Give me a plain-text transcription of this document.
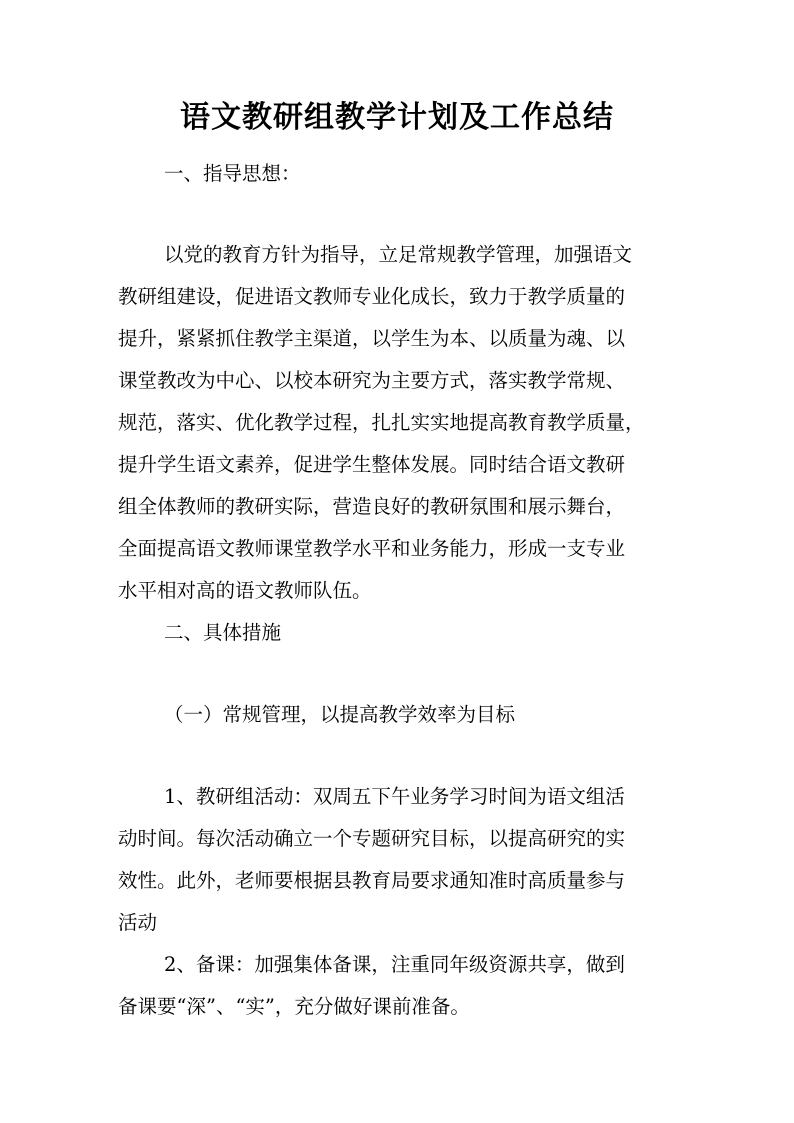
语文教研组教学计划及工作总结
一、指导思想：
以党的教育方针为指导，立足常规教学管理，加强语文
教研组建设，促进语文教师专业化成长，致力于教学质量的
提升，紧紧抓住教学主渠道，以学生为本、以质量为魂、以
课堂教改为中心、以校本研究为主要方式，落实教学常规、
规范，落实、优化教学过程，扎扎实实地提高教育教学质量，
提升学生语文素养，促进学生整体发展。同时结合语文教研
组全体教师的教研实际，营造良好的教研氛围和展示舞台，
全面提高语文教师课堂教学水平和业务能力，形成一支专业
水平相对高的语文教师队伍。
二、具体措施
（一）常规管理，以提高教学效率为目标
1、教研组活动：双周五下午业务学习时间为语文组活
动时间。每次活动确立一个专题研究目标，以提高研究的实
效性。此外，老师要根据县教育局要求通知准时高质量参与
活动
2、备课：加强集体备课，注重同年级资源共享，做到
备课要“深”、“实”，充分做好课前准备。
